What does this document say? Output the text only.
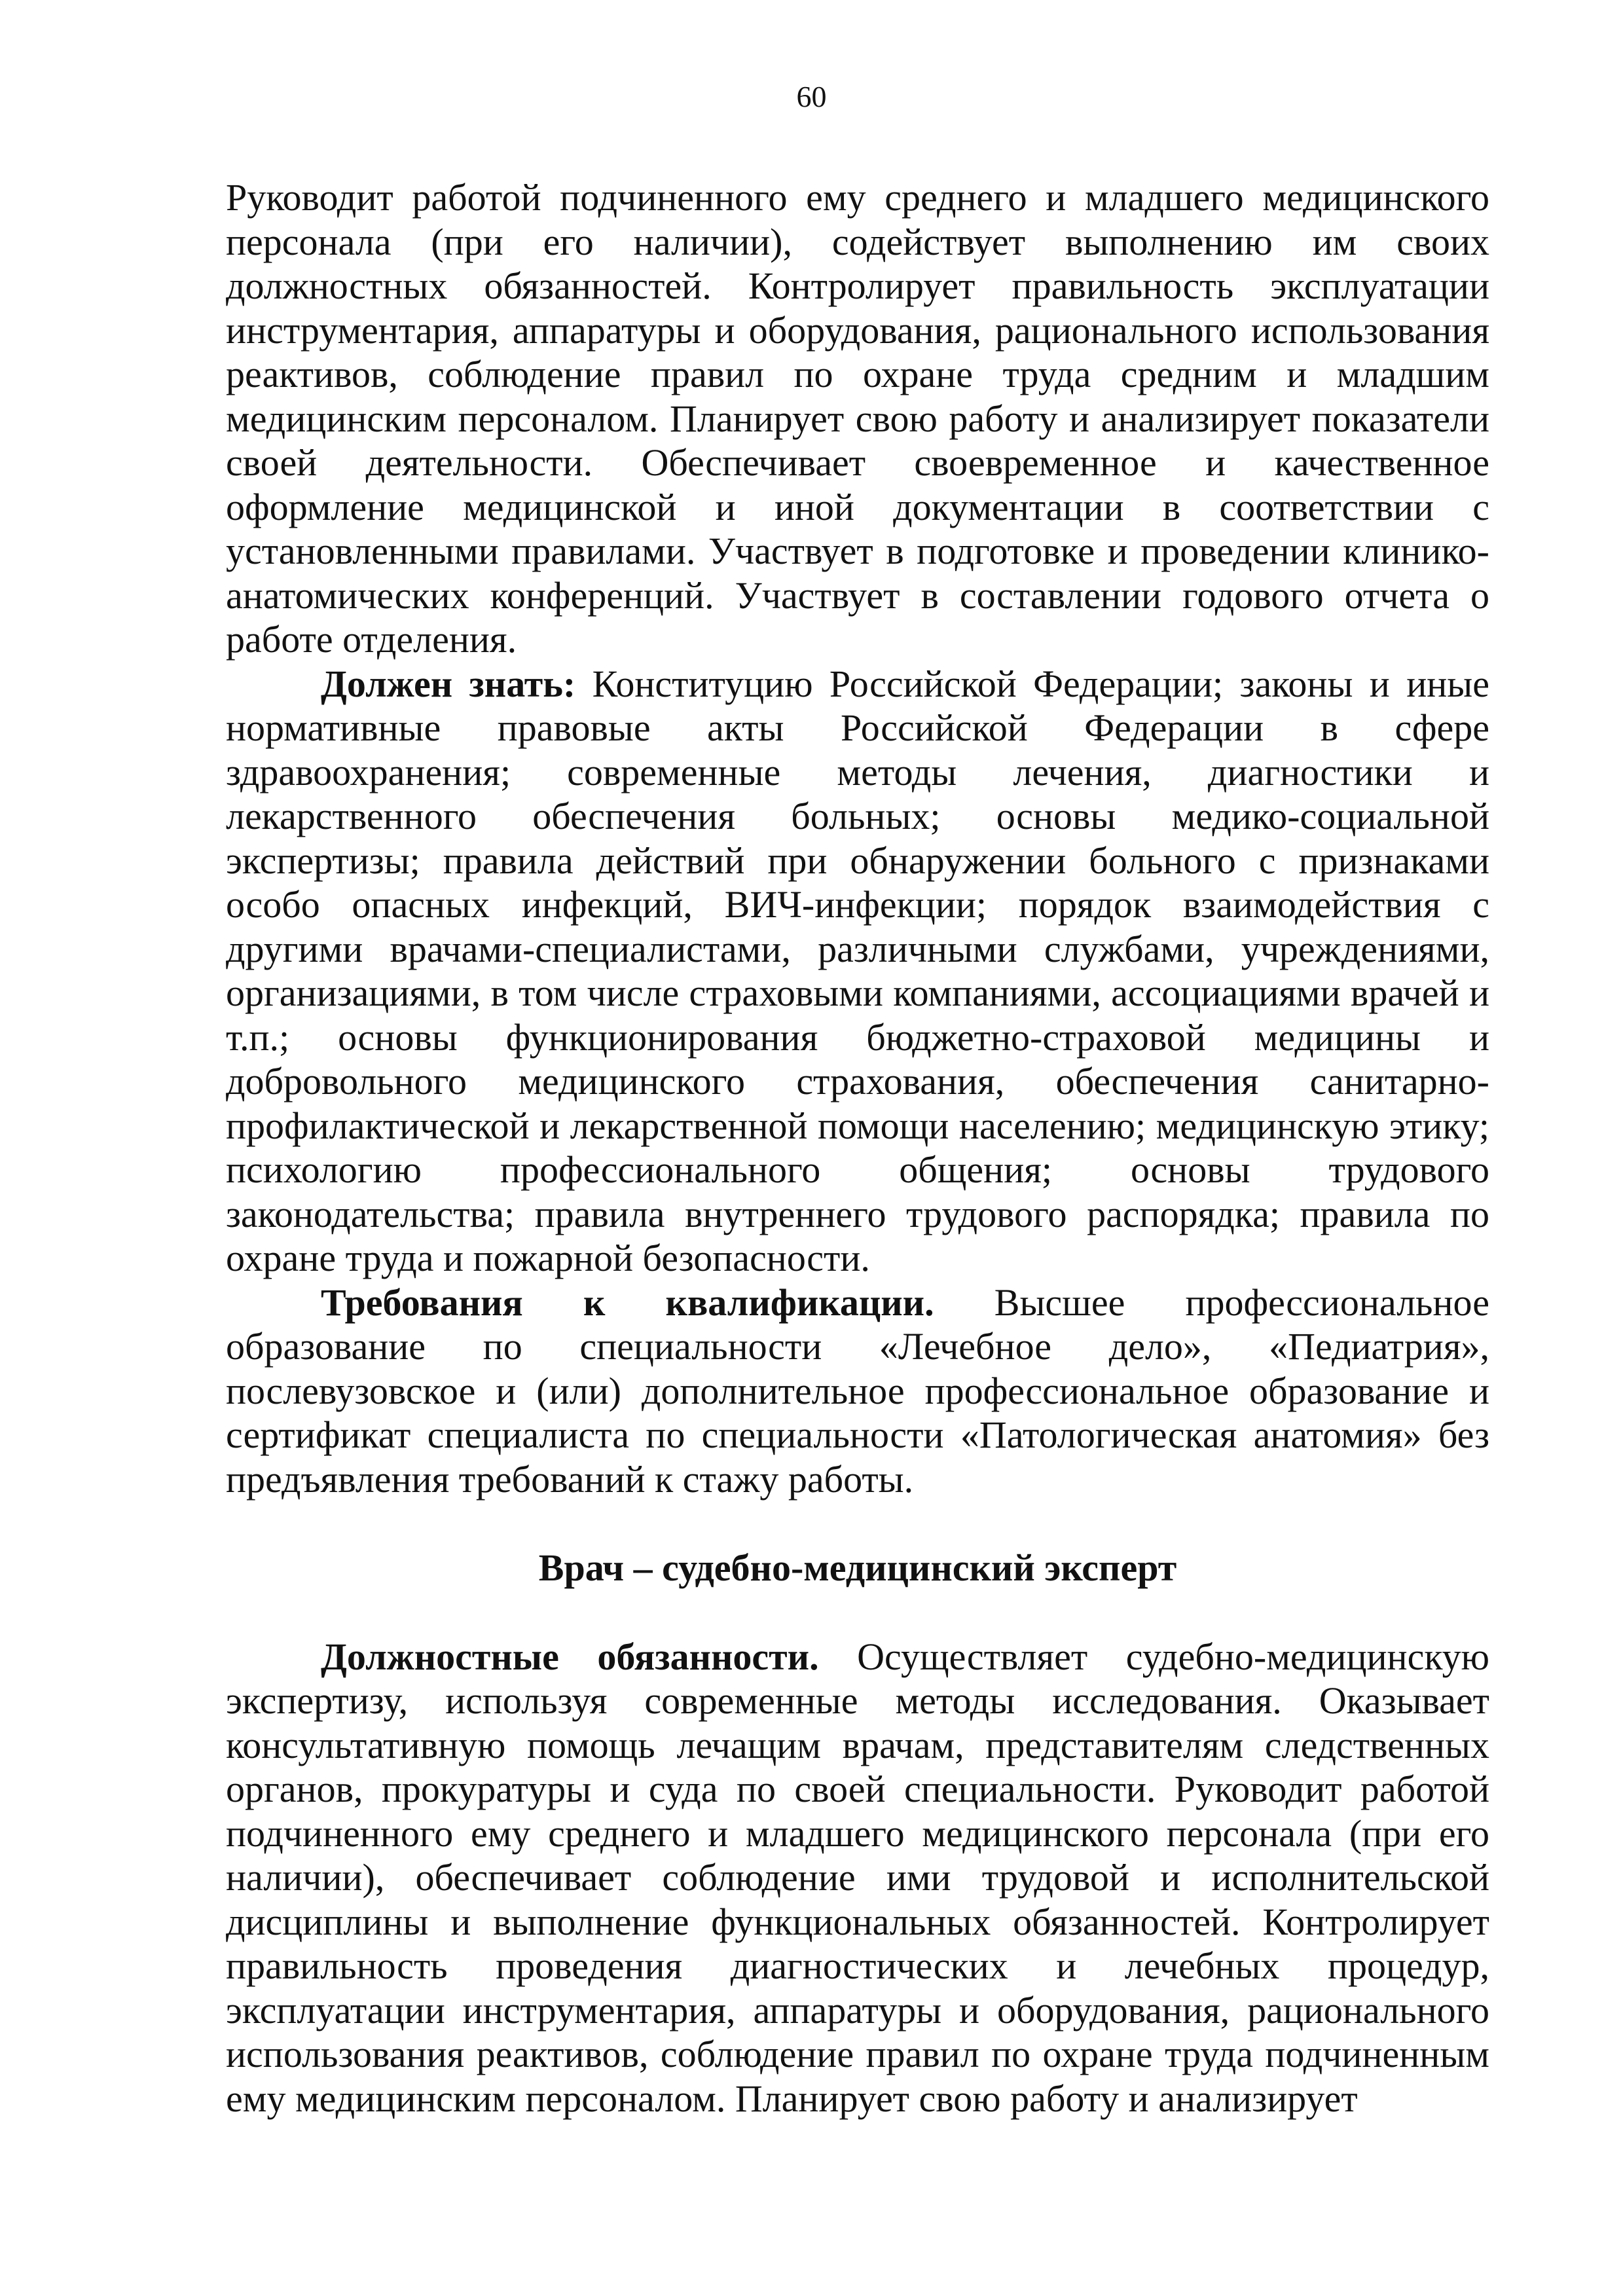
60

Руководит работой подчиненного ему среднего и младшего медицинского персонала (при его наличии), содействует выполнению им своих должностных обязанностей. Контролирует правильность эксплуатации инструментария, аппаратуры и оборудования, рационального использования реактивов, соблюдение правил по охране труда средним и младшим медицинским персоналом. Планирует свою работу и анализирует показатели своей деятельности. Обеспечивает своевременное и качественное оформление медицинской и иной документации в соответствии с установленными правилами. Участвует в подготовке и проведении клинико-анатомических конференций. Участвует в составлении годового отчета о работе отделения.

Должен знать: Конституцию Российской Федерации; законы и иные нормативные правовые акты Российской Федерации в сфере здравоохранения; современные методы лечения, диагностики и лекарственного обеспечения больных; основы медико-социальной экспертизы; правила действий при обнаружении больного с признаками особо опасных инфекций, ВИЧ-инфекции; порядок взаимодействия с другими врачами-специалистами, различными службами, учреждениями, организациями, в том числе страховыми компаниями, ассоциациями врачей и т.п.; основы функционирования бюджетно-страховой медицины и добровольного медицинского страхования, обеспечения санитарно-профилактической и лекарственной помощи населению; медицинскую этику; психологию профессионального общения; основы трудового законодательства; правила внутреннего трудового распорядка; правила по охране труда и пожарной безопасности.

Требования к квалификации. Высшее профессиональное образование по специальности «Лечебное дело», «Педиатрия», послевузовское и (или) дополнительное профессиональное образование и сертификат специалиста по специальности «Патологическая анатомия» без предъявления требований к стажу работы.

Врач – судебно-медицинский эксперт

Должностные обязанности. Осуществляет судебно-медицинскую экспертизу, используя современные методы исследования. Оказывает консультативную помощь лечащим врачам, представителям следственных органов, прокуратуры и суда по своей специальности. Руководит работой подчиненного ему среднего и младшего медицинского персонала (при его наличии), обеспечивает соблюдение ими трудовой и исполнительской дисциплины и выполнение функциональных обязанностей. Контролирует правильность проведения диагностических и лечебных процедур, эксплуатации инструментария, аппаратуры и оборудования, рационального использования реактивов, соблюдение правил по охране труда подчиненным ему медицинским персоналом. Планирует свою работу и анализирует
